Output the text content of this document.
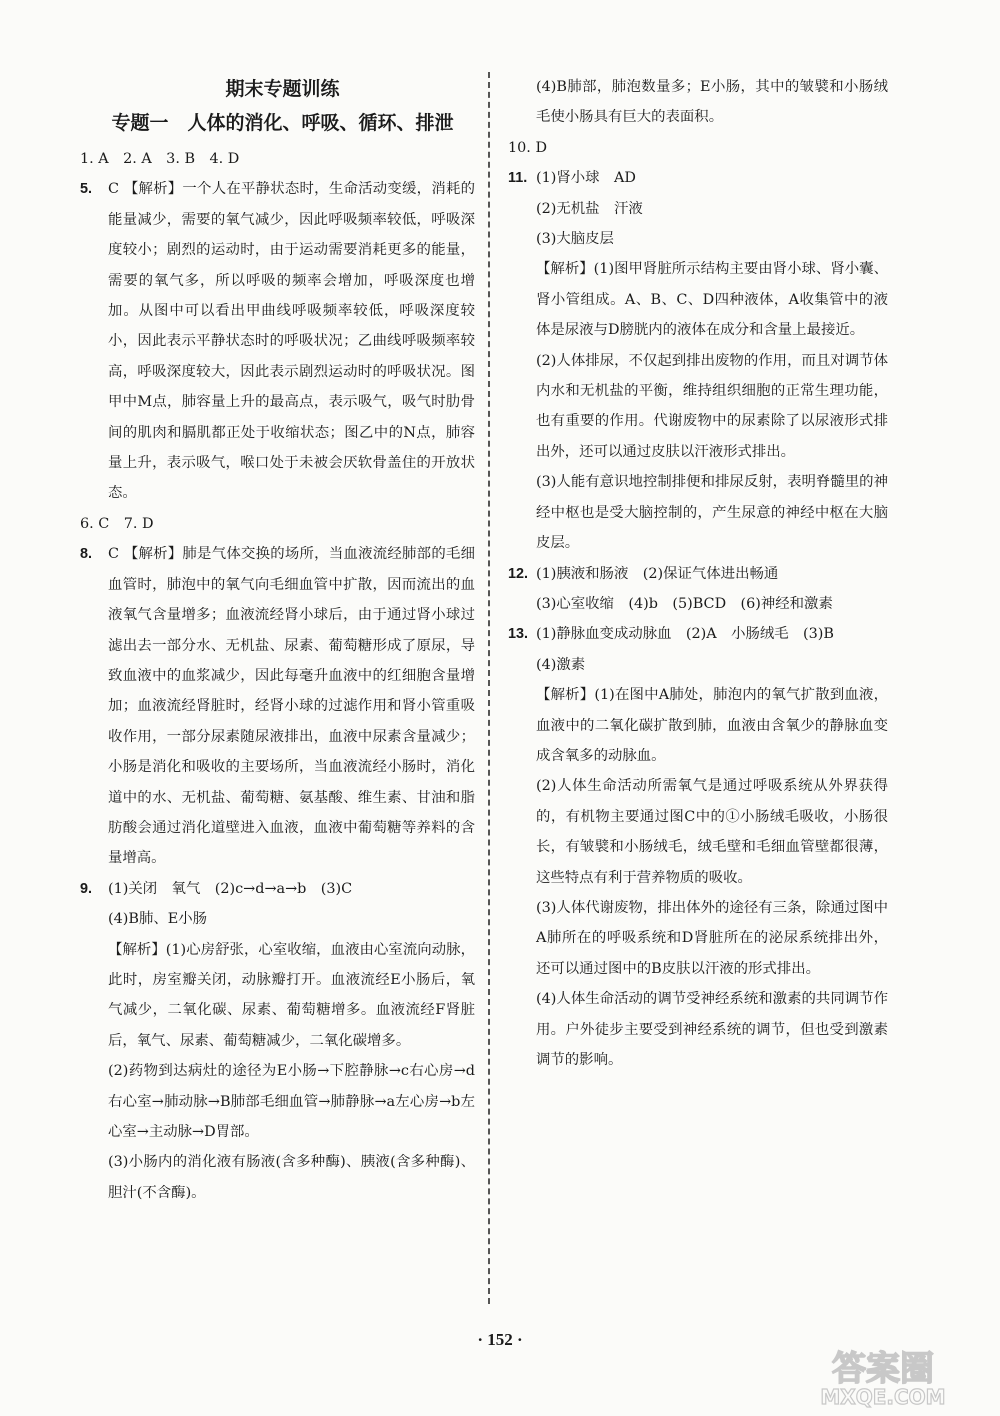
期末专题训练
专题一　人体的消化、呼吸、循环、排泄

1. A　2. A　3. B　4. D

5.	C 【解析】一个人在平静状态时，生命活动变缓，消耗的能量减少，需要的氧气减少，因此呼吸频率较低，呼吸深度较小；剧烈的运动时，由于运动需要消耗更多的能量，需要的氧气多，所以呼吸的频率会增加，呼吸深度也增加。从图中可以看出甲曲线呼吸频率较低，呼吸深度较小，因此表示平静状态时的呼吸状况；乙曲线呼吸频率较高，呼吸深度较大，因此表示剧烈运动时的呼吸状况。图甲中M点，肺容量上升的最高点，表示吸气，吸气时肋骨间的肌肉和膈肌都正处于收缩状态；图乙中的N点，肺容量上升，表示吸气，喉口处于未被会厌软骨盖住的开放状态。

6. C　7. D

8.	C 【解析】肺是气体交换的场所，当血液流经肺部的毛细血管时，肺泡中的氧气向毛细血管中扩散，因而流出的血液氧气含量增多；血液流经肾小球后，由于通过肾小球过滤出去一部分水、无机盐、尿素、葡萄糖形成了原尿，导致血液中的血浆减少，因此每毫升血液中的红细胞含量增加；血液流经肾脏时，经肾小球的过滤作用和肾小管重吸收作用，一部分尿素随尿液排出，血液中尿素含量减少；小肠是消化和吸收的主要场所，当血液流经小肠时，消化道中的水、无机盐、葡萄糖、氨基酸、维生素、甘油和脂肪酸会通过消化道壁进入血液，血液中葡萄糖等养料的含量增高。

9.	(1)关闭　氧气　(2)c→d→a→b　(3)C

(4)B肺、E小肠

【解析】(1)心房舒张，心室收缩，血液由心室流向动脉，此时，房室瓣关闭，动脉瓣打开。血液流经E小肠后，氧气减少，二氧化碳、尿素、葡萄糖增多。血液流经F肾脏后，氧气、尿素、葡萄糖减少，二氧化碳增多。

(2)药物到达病灶的途径为E小肠→下腔静脉→c右心房→d右心室→肺动脉→B肺部毛细血管→肺静脉→a左心房→b左心室→主动脉→D胃部。

(3)小肠内的消化液有肠液(含多种酶)、胰液(含多种酶)、胆汁(不含酶)。

(4)B肺部，肺泡数量多；E小肠，其中的皱襞和小肠绒毛使小肠具有巨大的表面积。

10. D

11. (1)肾小球　AD

(2)无机盐　汗液

(3)大脑皮层

【解析】(1)图甲肾脏所示结构主要由肾小球、肾小囊、肾小管组成。A、B、C、D四种液体，A收集管中的液体是尿液与D膀胱内的液体在成分和含量上最接近。

(2)人体排尿，不仅起到排出废物的作用，而且对调节体内水和无机盐的平衡，维持组织细胞的正常生理功能，也有重要的作用。代谢废物中的尿素除了以尿液形式排出外，还可以通过皮肤以汗液形式排出。

(3)人能有意识地控制排便和排尿反射，表明脊髓里的神经中枢也是受大脑控制的，产生尿意的神经中枢在大脑皮层。

12. (1)胰液和肠液　(2)保证气体进出畅通

(3)心室收缩　(4)b　(5)BCD　(6)神经和激素

13. (1)静脉血变成动脉血　(2)A　小肠绒毛　(3)B

(4)激素

【解析】(1)在图中A肺处，肺泡内的氧气扩散到血液，血液中的二氧化碳扩散到肺，血液由含氧少的静脉血变成含氧多的动脉血。

(2)人体生命活动所需氧气是通过呼吸系统从外界获得的，有机物主要通过图C中的①小肠绒毛吸收，小肠很长，有皱襞和小肠绒毛，绒毛壁和毛细血管壁都很薄，这些特点有利于营养物质的吸收。

(3)人体代谢废物，排出体外的途径有三条，除通过图中A肺所在的呼吸系统和D肾脏所在的泌尿系统排出外，还可以通过图中的B皮肤以汗液的形式排出。

(4)人体生命活动的调节受神经系统和激素的共同调节作用。户外徒步主要受到神经系统的调节，但也受到激素调节的影响。

· 152 ·
答案圈
MXQE.COM
